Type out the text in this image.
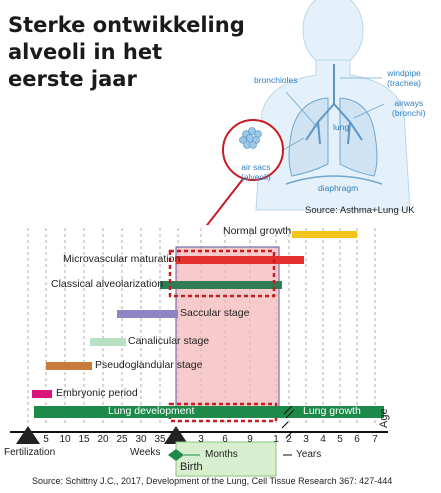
Sterke ontwikkeling
alveoli in het
eerste jaar	bronchioles
windpipe
(trachea)
airways
(bronchi)
lung
diaphragm
air sacs
(alveoli)
Source: Asthma+Lung UK
Normal growth
Microvascular maturation
Classical alveolarization
Saccular stage
Canalicular stage
Pseudoglandular stage
Embryonic period
Lung development	Lung growth
5 10 15 20 25 30 35	3 6 9 1 2 3 4 5 6 7
Age
Fertilization	Weeks	Months	Years
Birth
Source: Schittny J.C., 2017, Development of the Lung, Cell Tissue Research 367: 427-444
